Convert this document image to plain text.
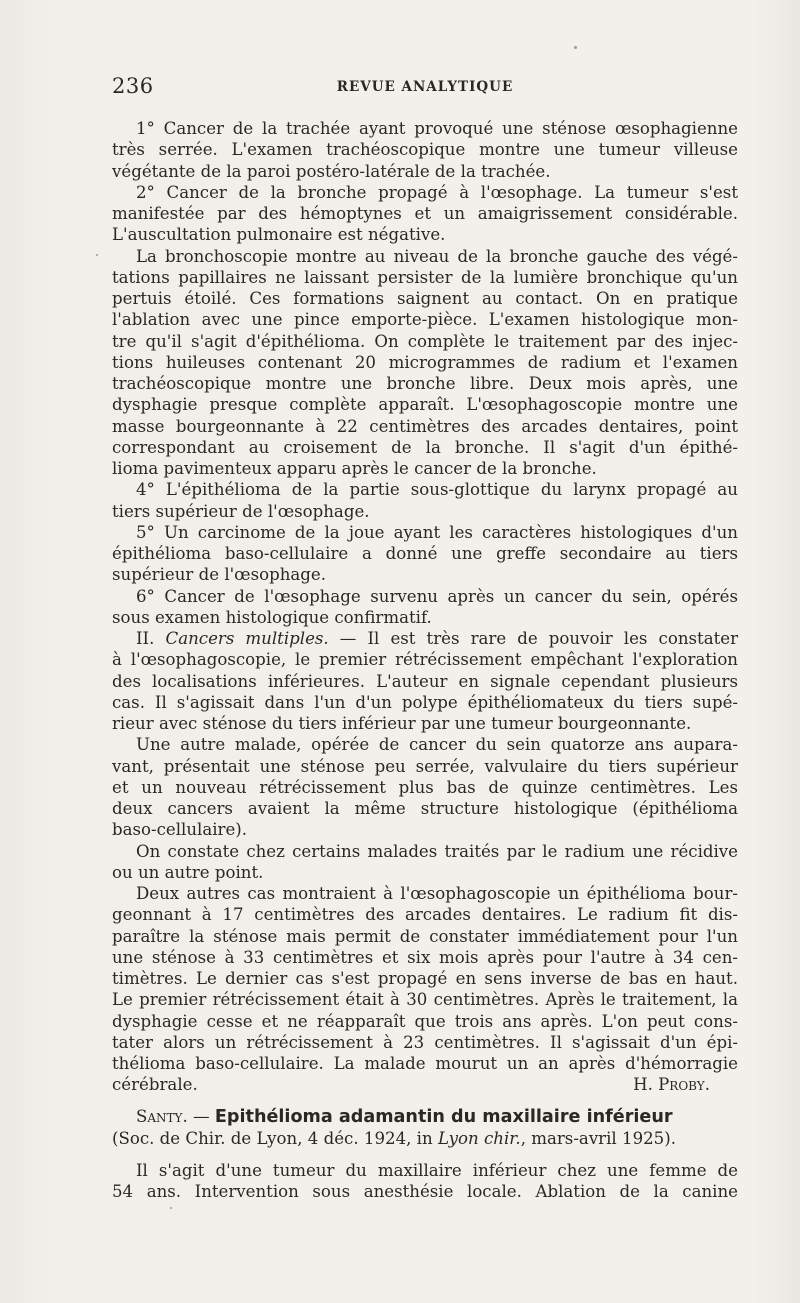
236	REVUE ANALYTIQUE
1° Cancer de la trachée ayant provoqué une sténose œsophagienne
très serrée. L'examen trachéoscopique montre une tumeur villeuse
végétante de la paroi postéro-latérale de la trachée.
2° Cancer de la bronche propagé à l'œsophage. La tumeur s'est
manifestée par des hémoptynes et un amaigrissement considérable.
L'auscultation pulmonaire est négative.
La bronchoscopie montre au niveau de la bronche gauche des végé-
tations papillaires ne laissant persister de la lumière bronchique qu'un
pertuis étoilé. Ces formations saignent au contact. On en pratique
l'ablation avec une pince emporte-pièce. L'examen histologique mon-
tre qu'il s'agit d'épithélioma. On complète le traitement par des injec-
tions huileuses contenant 20 microgrammes de radium et l'examen
trachéoscopique montre une bronche libre. Deux mois après, une
dysphagie presque complète apparaît. L'œsophagoscopie montre une
masse bourgeonnante à 22 centimètres des arcades dentaires, point
correspondant au croisement de la bronche. Il s'agit d'un épithé-
lioma pavimenteux apparu après le cancer de la bronche.
4° L'épithélioma de la partie sous-glottique du larynx propagé au
tiers supérieur de l'œsophage.
5° Un carcinome de la joue ayant les caractères histologiques d'un
épithélioma baso-cellulaire a donné une greffe secondaire au tiers
supérieur de l'œsophage.
6° Cancer de l'œsophage survenu après un cancer du sein, opérés
sous examen histologique confirmatif.
II. Cancers multiples. — Il est très rare de pouvoir les constater
à l'œsophagoscopie, le premier rétrécissement empêchant l'exploration
des localisations inférieures. L'auteur en signale cependant plusieurs
cas. Il s'agissait dans l'un d'un polype épithéliomateux du tiers supé-
rieur avec sténose du tiers inférieur par une tumeur bourgeonnante.
Une autre malade, opérée de cancer du sein quatorze ans aupara-
vant, présentait une sténose peu serrée, valvulaire du tiers supérieur
et un nouveau rétrécissement plus bas de quinze centimètres. Les
deux cancers avaient la même structure histologique (épithélioma
baso-cellulaire).
On constate chez certains malades traités par le radium une récidive
ou un autre point.
Deux autres cas montraient à l'œsophagoscopie un épithélioma bour-
geonnant à 17 centimètres des arcades dentaires. Le radium fit dis-
paraître la sténose mais permit de constater immédiatement pour l'un
une sténose à 33 centimètres et six mois après pour l'autre à 34 cen-
timètres. Le dernier cas s'est propagé en sens inverse de bas en haut.
Le premier rétrécissement était à 30 centimètres. Après le traitement, la
dysphagie cesse et ne réapparaît que trois ans après. L'on peut cons-
tater alors un rétrécissement à 23 centimètres. Il s'agissait d'un épi-
thélioma baso-cellulaire. La malade mourut un an après d'hémorragie
cérébrale.	H. Proby.
Santy. — Epithélioma adamantin du maxillaire inférieur
(Soc. de Chir. de Lyon, 4 déc. 1924, in Lyon chir., mars-avril 1925).
Il s'agit d'une tumeur du maxillaire inférieur chez une femme de
54 ans. Intervention sous anesthésie locale. Ablation de la canine
